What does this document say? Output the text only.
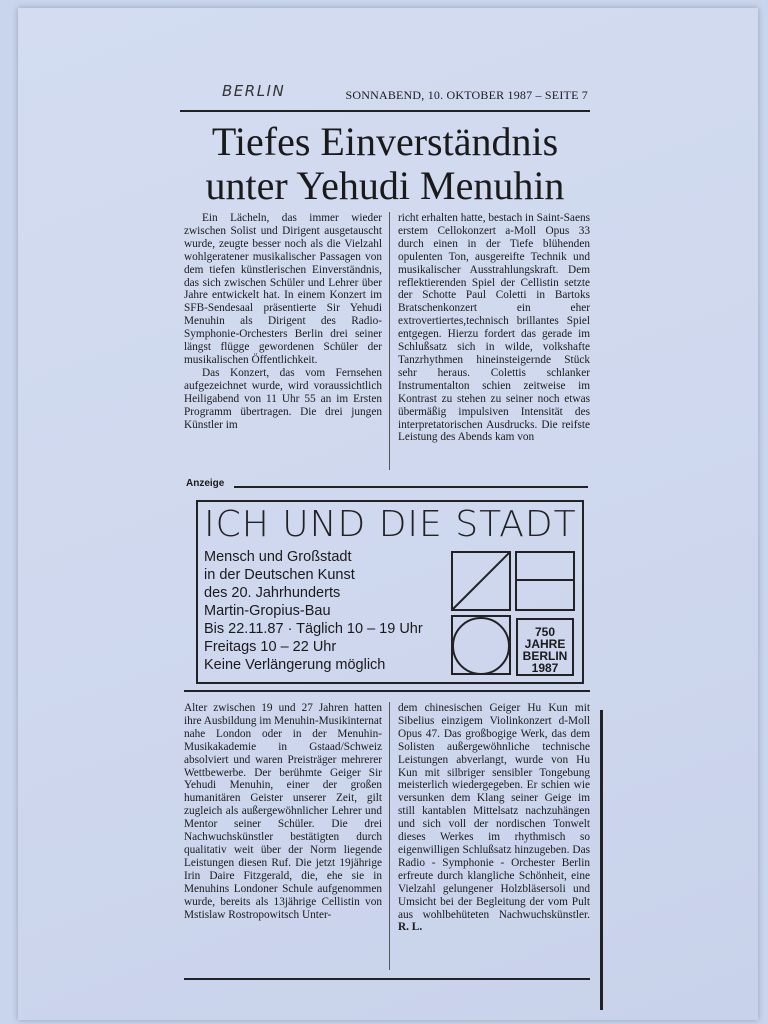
BERLIN	SONNABEND, 10. OKTOBER 1987 – SEITE 7
Tiefes Einverständnis
unter Yehudi Menuhin

Ein Lächeln, das immer wieder zwischen Solist und Dirigent ausgetauscht wurde, zeugte besser noch als die Vielzahl wohlgeratener musikalischer Passagen von dem tiefen künstlerischen Einverständnis, das sich zwischen Schüler und Lehrer über Jahre entwickelt hat. In einem Konzert im SFB-Sendesaal präsentierte Sir Yehudi Menuhin als Dirigent des Radio-Symphonie-Orchesters Berlin drei seiner längst flügge gewordenen Schüler der musikalischen Öffentlichkeit.

Das Konzert, das vom Fernsehen aufgezeichnet wurde, wird voraussichtlich Heiligabend von 11 Uhr 55 an im Ersten Programm übertragen. Die drei jungen Künstler im

richt erhalten hatte, bestach in Saint-Saens erstem Cellokonzert a-Moll Opus 33 durch einen in der Tiefe blühenden opulenten Ton, ausgereifte Technik und musikalischer Ausstrahlungskraft. Dem reflektierenden Spiel der Cellistin setzte der Schotte Paul Coletti in Bartoks Bratschenkonzert ein eher extrovertiertes,technisch brillantes Spiel entgegen. Hierzu fordert das gerade im Schlußsatz sich in wilde, volkshafte Tanzrhythmen hineinsteigernde Stück sehr heraus. Colettis schlanker Instrumentalton schien zeitweise im Kontrast zu stehen zu seiner noch etwas übermäßig impulsiven Intensität des interpretatorischen Ausdrucks. Die reifste Leistung des Abends kam von

Anzeige
ICH UND DIE STADT
Mensch und Großstadt
in der Deutschen Kunst
des 20. Jahrhunderts
Martin-Gropius-Bau
Bis 22.11.87 · Täglich 10 – 19 Uhr
Freitags 10 – 22 Uhr
Keine Verlängerung möglich
750
JAHRE
BERLIN
1987

Alter zwischen 19 und 27 Jahren hatten ihre Ausbildung im Menuhin-Musikinternat nahe London oder in der Menuhin-Musikakademie in Gstaad/Schweiz absolviert und waren Preisträger mehrerer Wettbewerbe. Der berühmte Geiger Sir Yehudi Menuhin, einer der großen humanitären Geister unserer Zeit, gilt zugleich als außergewöhnlicher Lehrer und Mentor seiner Schüler. Die drei Nachwuchskünstler bestätigten durch qualitativ weit über der Norm liegende Leistungen diesen Ruf. Die jetzt 19jährige Irin Daire Fitzgerald, die, ehe sie in Menuhins Londoner Schule aufgenommen wurde, bereits als 13jährige Cellistin von Mstislaw Rostropowitsch Unter-

dem chinesischen Geiger Hu Kun mit Sibelius einzigem Violinkonzert d-Moll Opus 47. Das großbogige Werk, das dem Solisten außergewöhnliche technische Leistungen abverlangt, wurde von Hu Kun mit silbriger sensibler Tongebung meisterlich wiedergegeben. Er schien wie versunken dem Klang seiner Geige im still kantablen Mittelsatz nachzuhängen und sich voll der nordischen Tonwelt dieses Werkes im rhythmisch so eigenwilligen Schlußsatz hinzugeben. Das Radio - Symphonie - Orchester Berlin erfreute durch klangliche Schönheit, eine Vielzahl gelungener Holzbläsersoli und Umsicht bei der Begleitung der vom Pult aus wohlbehüteten Nachwuchskünstler. R. L.
